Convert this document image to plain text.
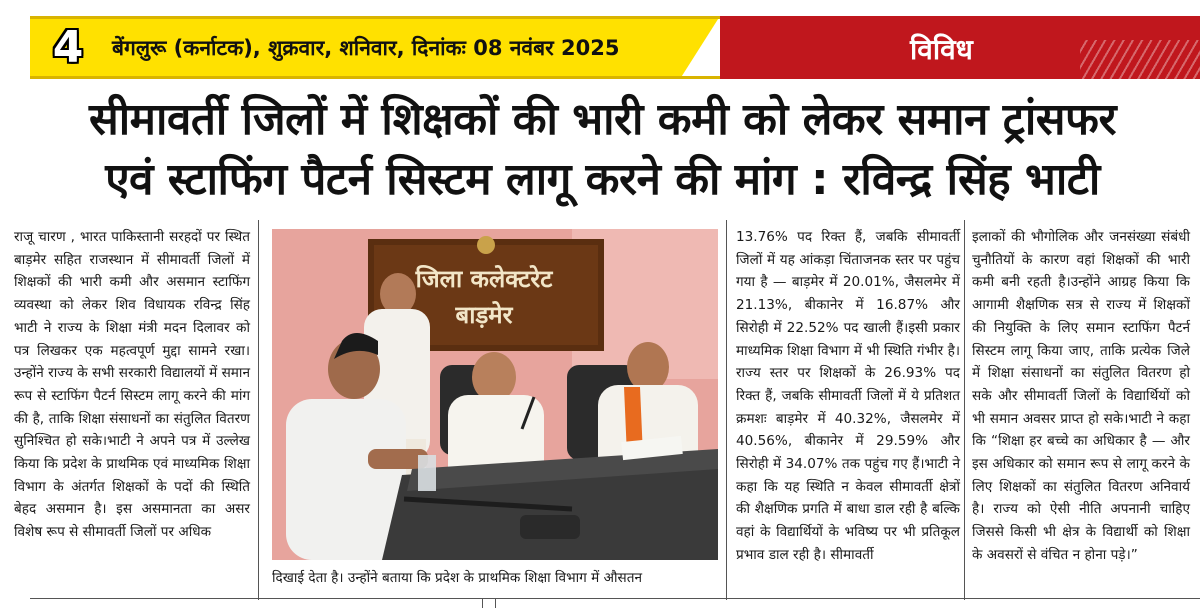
4	बेंगलुरू (कर्नाटक), शुक्रवार, शनिवार, दिनांकः 08 नवंबर 2025	विविध
सीमावर्ती जिलों में शिक्षकों की भारी कमी को लेकर समान ट्रांसफर
एवं स्टाफिंग पैटर्न सिस्टम लागू करने की मांग : रविन्द्र सिंह भाटी
राजू चारण , भारत पाकिस्तानी सरहदों पर स्थित बाड़मेर सहित राजस्थान में सीमावर्ती जिलों में शिक्षकों की भारी कमी और असमान स्टाफिंग व्यवस्था को लेकर शिव विधायक रविन्द्र सिंह भाटी ने राज्य के शिक्षा मंत्री मदन दिलावर को पत्र लिखकर एक महत्वपूर्ण मुद्दा सामने रखा। उन्होंने राज्य के सभी सरकारी विद्यालयों में समान रूप से स्टाफिंग पैटर्न सिस्टम लागू करने की मांग की है, ताकि शिक्षा संसाधनों का संतुलित वितरण सुनिश्चित हो सके।भाटी ने अपने पत्र में उल्लेख किया कि प्रदेश के प्राथमिक एवं माध्यमिक शिक्षा विभाग के अंतर्गत शिक्षकों के पदों की स्थिति बेहद असमान है। इस असमानता का असर विशेष रूप से सीमावर्ती जिलों पर अधिक
जिला कलेक्टरेट
बाड़मेर
दिखाई देता है। उन्होंने बताया कि प्रदेश के प्राथमिक शिक्षा विभाग में औसतन
13.76% पद रिक्त हैं, जबकि सीमावर्ती जिलों में यह आंकड़ा चिंताजनक स्तर पर पहुंच गया है — बाड़मेर में 20.01%, जैसलमेर में 21.13%, बीकानेर में 16.87% और सिरोही में 22.52% पद खाली हैं।इसी प्रकार माध्यमिक शिक्षा विभाग में भी स्थिति गंभीर है। राज्य स्तर पर शिक्षकों के 26.93% पद रिक्त हैं, जबकि सीमावर्ती जिलों में ये प्रतिशत क्रमशः बाड़मेर में 40.32%, जैसलमेर में 40.56%, बीकानेर में 29.59% और सिरोही में 34.07% तक पहुंच गए हैं।भाटी ने कहा कि यह स्थिति न केवल सीमावर्ती क्षेत्रों की शैक्षणिक प्रगति में बाधा डाल रही है बल्कि वहां के विद्यार्थियों के भविष्य पर भी प्रतिकूल प्रभाव डाल रही है। सीमावर्ती
इलाकों की भौगोलिक और जनसंख्या संबंधी चुनौतियों के कारण वहां शिक्षकों की भारी कमी बनी रहती है।उन्होंने आग्रह किया कि आगामी शैक्षणिक सत्र से राज्य में शिक्षकों की नियुक्ति के लिए समान स्टाफिंग पैटर्न सिस्टम लागू किया जाए, ताकि प्रत्येक जिले में शिक्षा संसाधनों का संतुलित वितरण हो सके और सीमावर्ती जिलों के विद्यार्थियों को भी समान अवसर प्राप्त हो सके।भाटी ने कहा कि “शिक्षा हर बच्चे का अधिकार है — और इस अधिकार को समान रूप से लागू करने के लिए शिक्षकों का संतुलित वितरण अनिवार्य है। राज्य को ऐसी नीति अपनानी चाहिए जिससे किसी भी क्षेत्र के विद्यार्थी को शिक्षा के अवसरों से वंचित न होना पड़े।”
